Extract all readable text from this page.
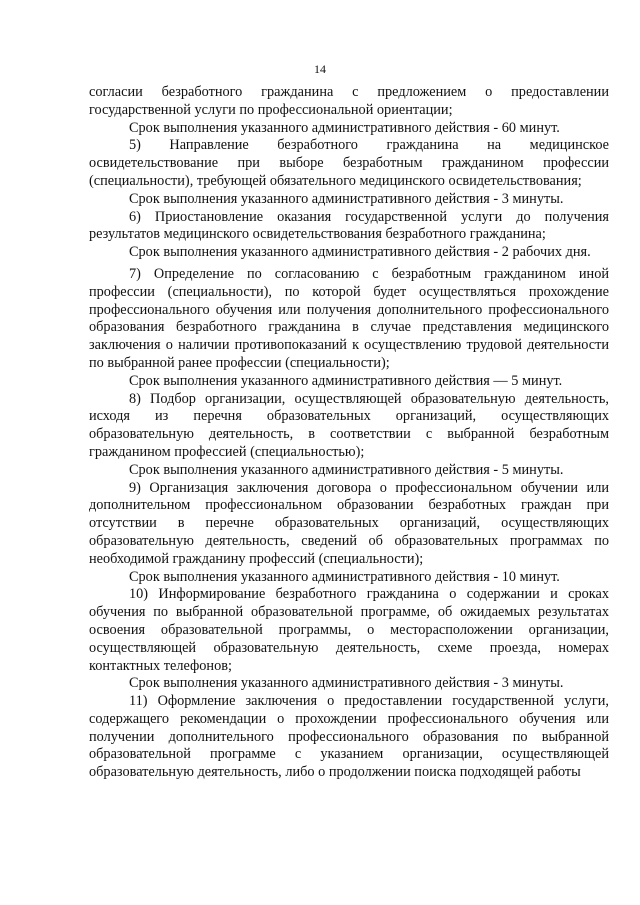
14

согласии безработного гражданина с предложением о предоставлении государственной услуги по профессиональной ориентации;

Срок выполнения указанного административного действия - 60 минут.

5) Направление безработного гражданина на медицинское освидетельствование при выборе безработным гражданином профессии (специальности), требующей обязательного медицинского освидетельствования;

Срок выполнения указанного административного действия - 3 минуты.

6) Приостановление оказания государственной услуги до получения результатов медицинского освидетельствования безработного гражданина;

Срок выполнения указанного административного действия - 2 рабочих дня.

7) Определение по согласованию с безработным гражданином иной профессии (специальности), по которой будет осуществляться прохождение профессионального обучения или получения дополнительного профессионального образования безработного гражданина в случае представления медицинского заключения о наличии противопоказаний к осуществлению трудовой деятельности по выбранной ранее профессии (специальности);

Срок выполнения указанного административного действия — 5 минут.

8) Подбор организации, осуществляющей образовательную деятельность, исходя из перечня образовательных организаций, осуществляющих образовательную деятельность, в соответствии с выбранной безработным гражданином профессией (специальностью);

Срок выполнения указанного административного действия - 5 минуты.

9) Организация заключения договора о профессиональном обучении или дополнительном профессиональном образовании безработных граждан при отсутствии в перечне образовательных организаций, осуществляющих образовательную деятельность, сведений об образовательных программах по необходимой гражданину профессий (специальности);

Срок выполнения указанного административного действия - 10 минут.

10) Информирование безработного гражданина о содержании и сроках обучения по выбранной образовательной программе, об ожидаемых результатах освоения образовательной программы, о месторасположении организации, осуществляющей образовательную деятельность, схеме проезда, номерах контактных телефонов;

Срок выполнения указанного административного действия - 3 минуты.

11) Оформление заключения о предоставлении государственной услуги, содержащего рекомендации о прохождении профессионального обучения или получении дополнительного профессионального образования по выбранной образовательной программе с указанием организации, осуществляющей образовательную деятельность, либо о продолжении поиска подходящей работы
